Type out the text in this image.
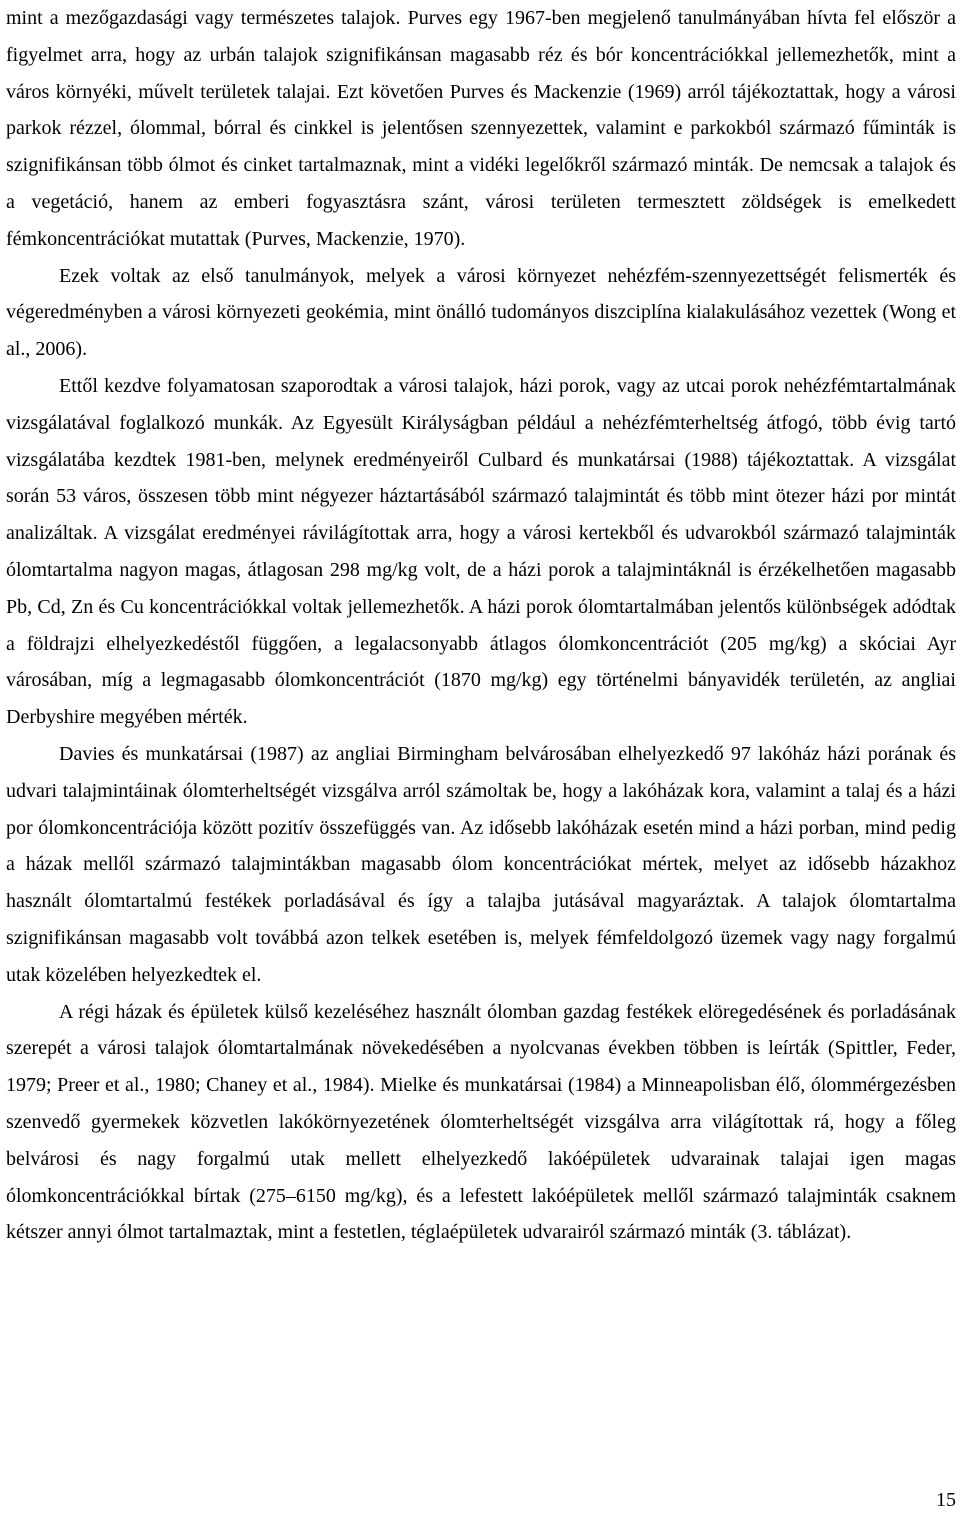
mint a mezőgazdasági vagy természetes talajok. Purves egy 1967-ben megjelenő tanulmányában hívta fel először a figyelmet arra, hogy az urbán talajok szignifikánsan magasabb réz és bór koncentrációkkal jellemezhetők, mint a város környéki, művelt területek talajai. Ezt követően Purves és Mackenzie (1969) arról tájékoztattak, hogy a városi parkok rézzel, ólommal, bórral és cinkkel is jelentősen szennyezettek, valamint e parkokból származó fűminták is szignifikánsan több ólmot és cinket tartalmaznak, mint a vidéki legelőkről származó minták. De nemcsak a talajok és a vegetáció, hanem az emberi fogyasztásra szánt, városi területen termesztett zöldségek is emelkedett fémkoncentrációkat mutattak (Purves, Mackenzie, 1970).

Ezek voltak az első tanulmányok, melyek a városi környezet nehézfém-szennyezettségét felismerték és végeredményben a városi környezeti geokémia, mint önálló tudományos diszciplína kialakulásához vezettek (Wong et al., 2006).

Ettől kezdve folyamatosan szaporodtak a városi talajok, házi porok, vagy az utcai porok nehézfémtartalmának vizsgálatával foglalkozó munkák. Az Egyesült Királyságban például a nehézfémterheltség átfogó, több évig tartó vizsgálatába kezdtek 1981-ben, melynek eredményeiről Culbard és munkatársai (1988) tájékoztattak. A vizsgálat során 53 város, összesen több mint négyezer háztartásából származó talajmintát és több mint ötezer házi por mintát analizáltak. A vizsgálat eredményei rávilágítottak arra, hogy a városi kertekből és udvarokból származó talajminták ólomtartalma nagyon magas, átlagosan 298 mg/kg volt, de a házi porok a talajmintáknál is érzékelhetően magasabb Pb, Cd, Zn és Cu koncentrációkkal voltak jellemezhetők. A házi porok ólomtartalmában jelentős különbségek adódtak a földrajzi elhelyezkedéstől függően, a legalacsonyabb átlagos ólomkoncentrációt (205 mg/kg) a skóciai Ayr városában, míg a legmagasabb ólomkoncentrációt (1870 mg/kg) egy történelmi bányavidék területén, az angliai Derbyshire megyében mérték.

Davies és munkatársai (1987) az angliai Birmingham belvárosában elhelyezkedő 97 lakóház házi porának és udvari talajmintáinak ólomterheltségét vizsgálva arról számoltak be, hogy a lakóházak kora, valamint a talaj és a házi por ólomkoncentrációja között pozitív összefüggés van. Az idősebb lakóházak esetén mind a házi porban, mind pedig a házak mellől származó talajmintákban magasabb ólom koncentrációkat mértek, melyet az idősebb házakhoz használt ólomtartalmú festékek porladásával és így a talajba jutásával magyaráztak. A talajok ólomtartalma szignifikánsan magasabb volt továbbá azon telkek esetében is, melyek fémfeldolgozó üzemek vagy nagy forgalmú utak közelében helyezkedtek el.

A régi házak és épületek külső kezeléséhez használt ólomban gazdag festékek elöregedésének és porladásának szerepét a városi talajok ólomtartalmának növekedésében a nyolcvanas években többen is leírták (Spittler, Feder, 1979; Preer et al., 1980; Chaney et al., 1984). Mielke és munkatársai (1984) a Minneapolisban élő, ólommérgezésben szenvedő gyermekek közvetlen lakókörnyezetének ólomterheltségét vizsgálva arra világítottak rá, hogy a főleg belvárosi és nagy forgalmú utak mellett elhelyezkedő lakóépületek udvarainak talajai igen magas ólomkoncentrációkkal bírtak (275–6150 mg/kg), és a lefestett lakóépületek mellől származó talajminták csaknem kétszer annyi ólmot tartalmaztak, mint a festetlen, téglaépületek udvarairól származó minták (3. táblázat).

15
